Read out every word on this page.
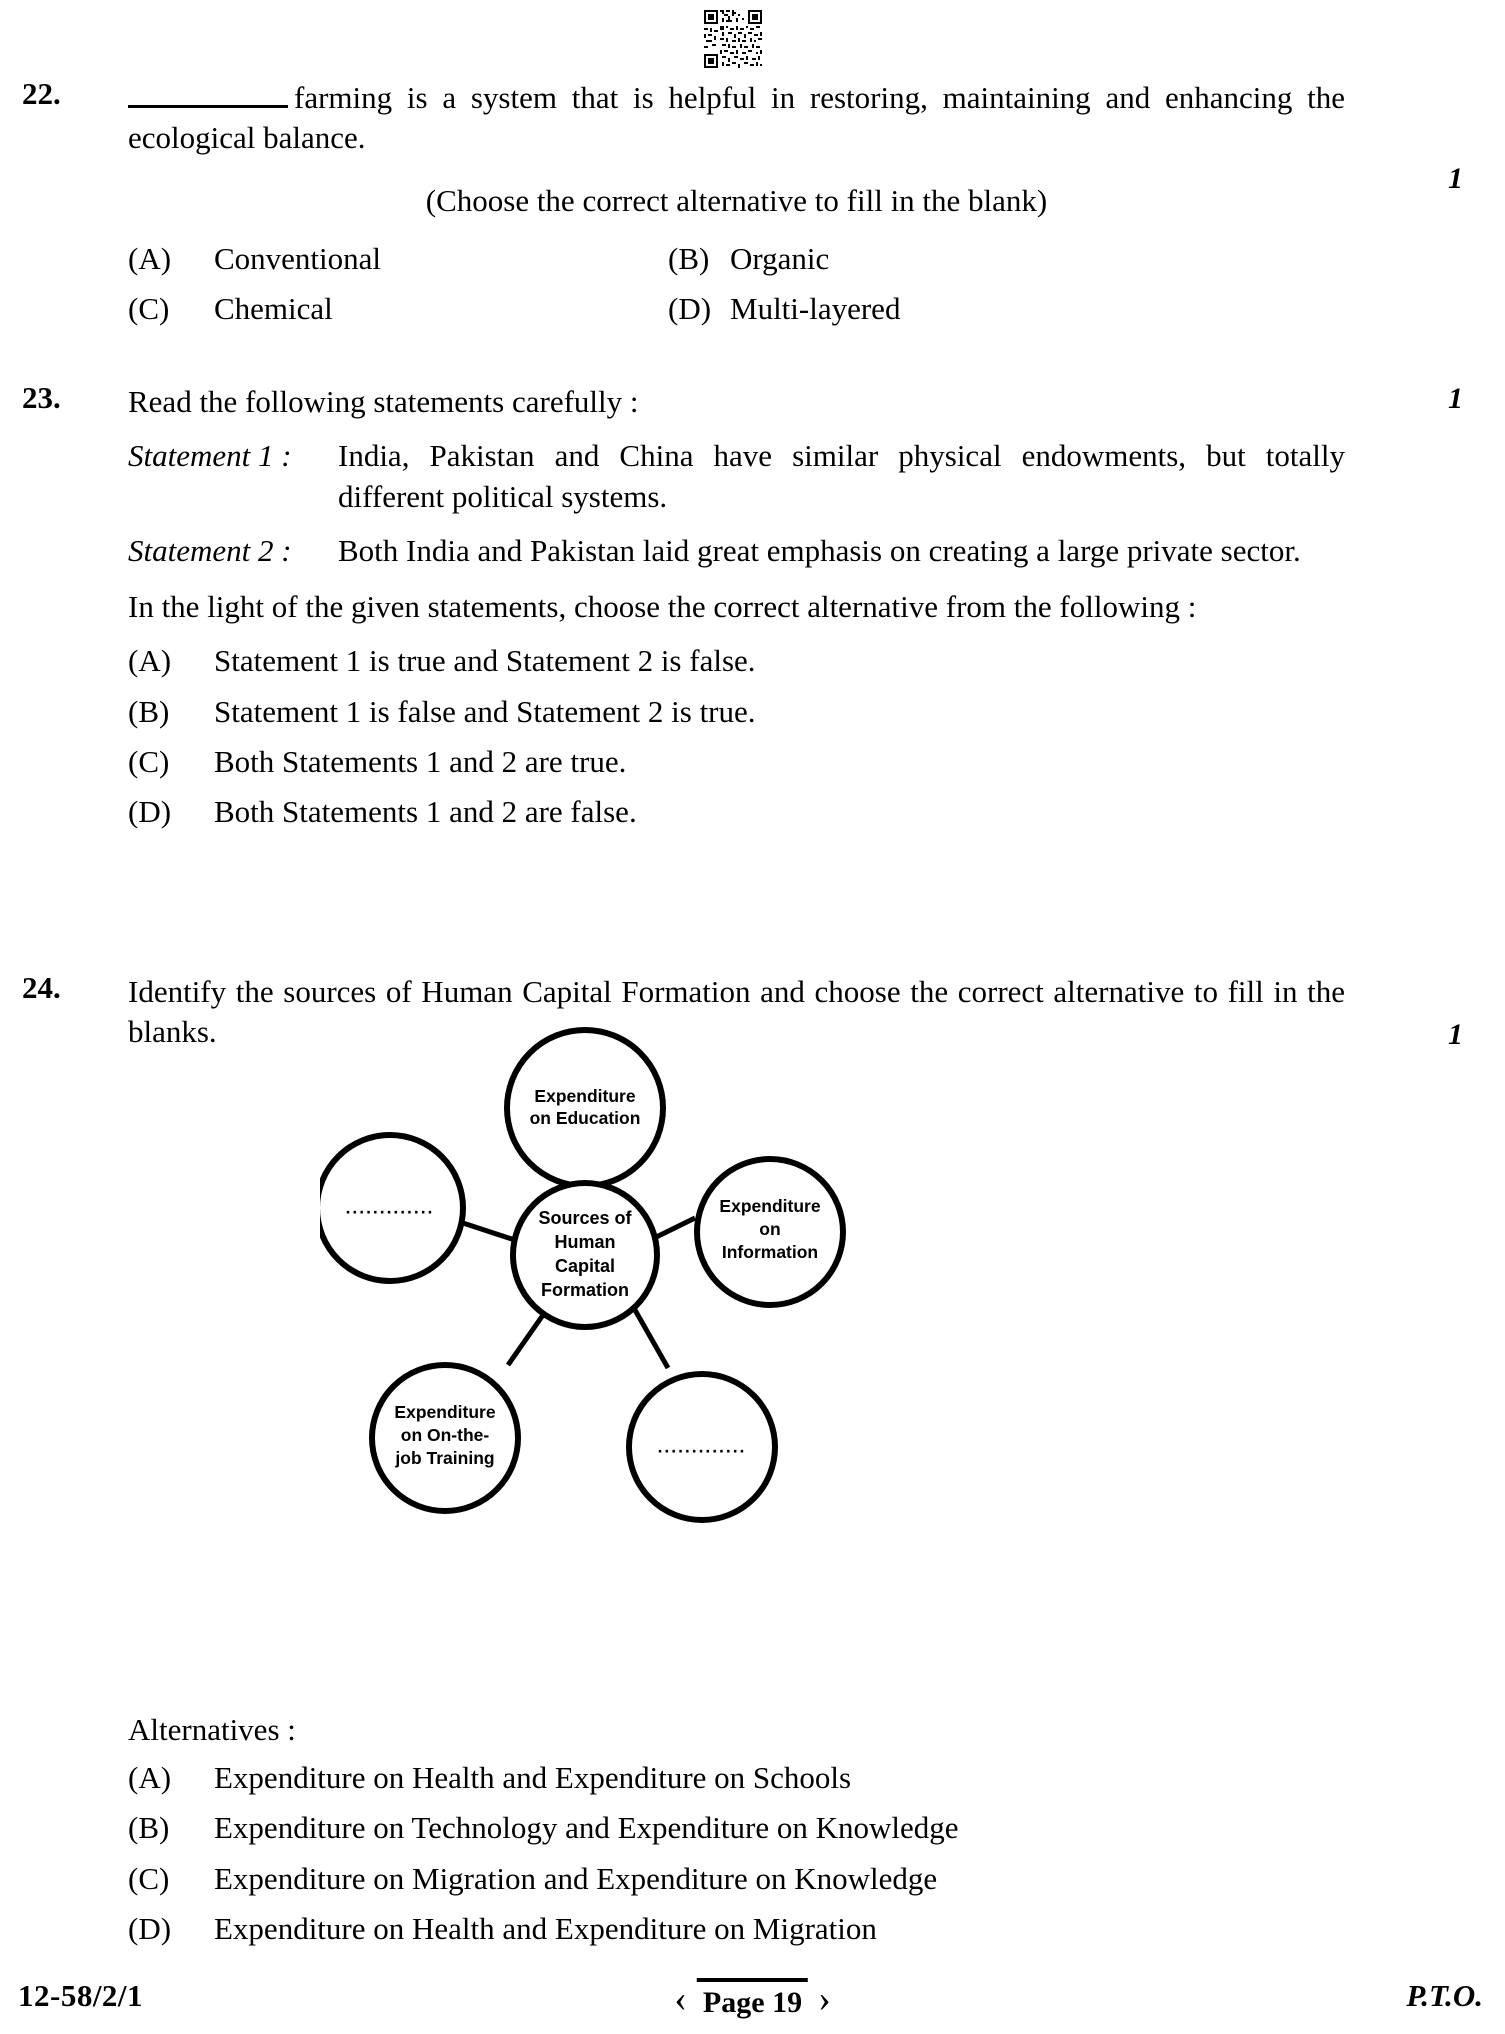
22.	farming is a system that is helpful in restoring, maintaining and enhancing the ecological balance.
(Choose the correct alternative to fill in the blank)
1
(A)	Conventional	(B) Organic
(C)	Chemical	(D) Multi-layered
23. Read the following statements carefully :
Statement 1 :	India, Pakistan and China have similar physical endowments, but totally different political systems.
Statement 2 :	Both India and Pakistan laid great emphasis on creating a large private sector.
In the light of the given statements, choose the correct alternative from the following :
1
(A)	Statement 1 is true and Statement 2 is false.
(B)	Statement 1 is false and Statement 2 is true.
(C)	Both Statements 1 and 2 are true.
(D)	Both Statements 1 and 2 are false.
24. Identify the sources of Human Capital Formation and choose the correct alternative to fill in the blanks.	1
Expenditure
on Education
Expenditure
on
Information
·············
Expenditure
on On-the-
job Training	·············
Sources of
Human
Capital
Formation
Alternatives :
(A)	Expenditure on Health and Expenditure on Schools
(B)	Expenditure on Technology and Expenditure on Knowledge
(C)	Expenditure on Migration and Expenditure on Knowledge
(D)	Expenditure on Health and Expenditure on Migration
12-58/2/1	‹ Page 19 ›	P.T.O.
